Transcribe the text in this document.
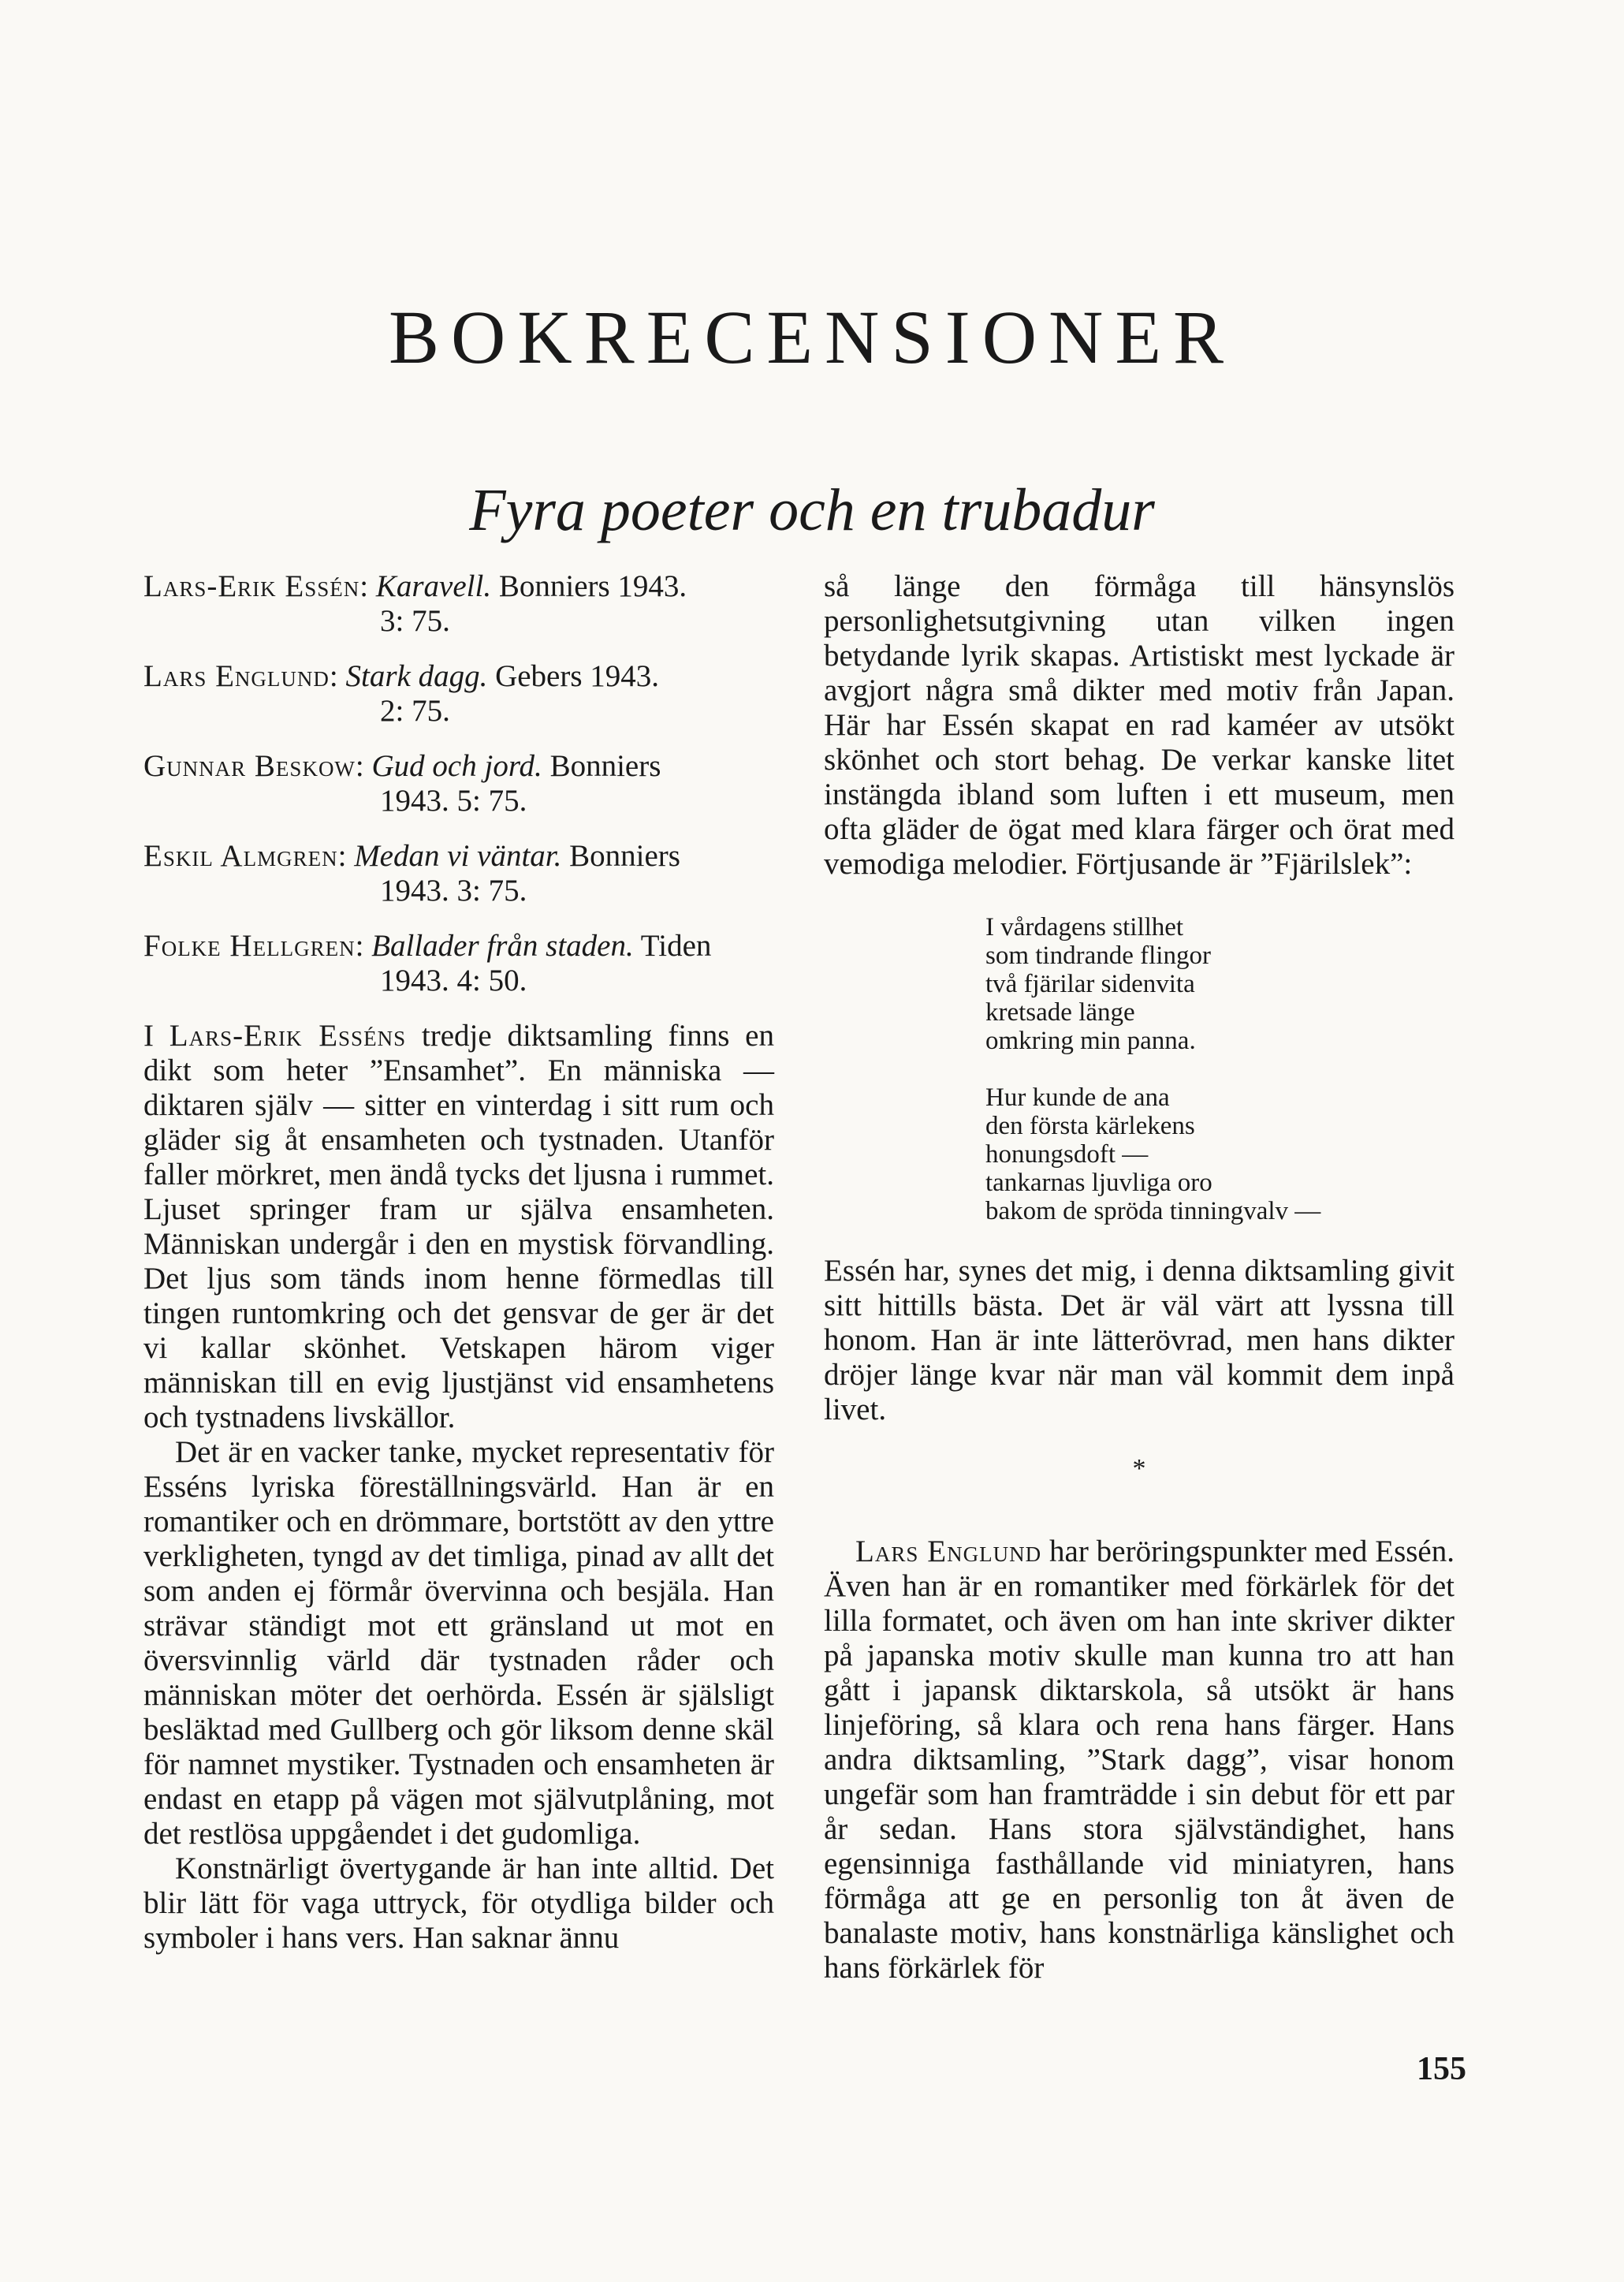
BOKRECENSIONER
Fyra poeter och en trubadur
Lars-Erik Essén: Karavell. Bonniers 1943.
3: 75.
Lars Englund: Stark dagg. Gebers 1943.
2: 75.
Gunnar Beskow: Gud och jord. Bonniers
1943. 5: 75.
Eskil Almgren: Medan vi väntar. Bonniers
1943. 3: 75.
Folke Hellgren: Ballader från staden. Tiden
1943. 4: 50.

I Lars-Erik Esséns tredje diktsamling finns en dikt som heter ”Ensamhet”. En människa — diktaren själv — sitter en vinterdag i sitt rum och gläder sig åt ensamheten och tystnaden. Utanför faller mörkret, men ändå tycks det ljusna i rummet. Ljuset springer fram ur själva ensamheten. Människan undergår i den en mystisk förvandling. Det ljus som tänds inom henne förmedlas till tingen runtomkring och det gensvar de ger är det vi kallar skönhet. Vetskapen härom viger människan till en evig ljustjänst vid ensamhetens och tystnadens livskällor.

Det är en vacker tanke, mycket representativ för Esséns lyriska föreställningsvärld. Han är en romantiker och en drömmare, bortstött av den yttre verkligheten, tyngd av det timliga, pinad av allt det som anden ej förmår övervinna och besjäla. Han strävar ständigt mot ett gränsland ut mot en översvinnlig värld där tystnaden råder och människan möter det oerhörda. Essén är själsligt besläktad med Gullberg och gör liksom denne skäl för namnet mystiker. Tystnaden och ensamheten är endast en etapp på vägen mot självutplåning, mot det restlösa uppgåendet i det gudomliga.

Konstnärligt övertygande är han inte alltid. Det blir lätt för vaga uttryck, för otydliga bilder och symboler i hans vers. Han saknar ännu

så länge den förmåga till hänsynslös personlighetsutgivning utan vilken ingen betydande lyrik skapas. Artistiskt mest lyckade är avgjort några små dikter med motiv från Japan. Här har Essén skapat en rad kaméer av utsökt skönhet och stort behag. De verkar kanske litet instängda ibland som luften i ett museum, men ofta gläder de ögat med klara färger och örat med vemodiga melodier. Förtjusande är ”Fjärilslek”:

I vårdagens stillhet
som tindrande flingor
två fjärilar sidenvita
kretsade länge
omkring min panna.
Hur kunde de ana
den första kärlekens
honungsdoft —
tankarnas ljuvliga oro
bakom de spröda tinningvalv —

Essén har, synes det mig, i denna diktsamling givit sitt hittills bästa. Det är väl värt att lyssna till honom. Han är inte lätterövrad, men hans dikter dröjer länge kvar när man väl kommit dem inpå livet.

*

Lars Englund har beröringspunkter med Essén. Även han är en romantiker med förkärlek för det lilla formatet, och även om han inte skriver dikter på japanska motiv skulle man kunna tro att han gått i japansk diktarskola, så utsökt är hans linjeföring, så klara och rena hans färger. Hans andra diktsamling, ”Stark dagg”, visar honom ungefär som han framträdde i sin debut för ett par år sedan. Hans stora självständighet, hans egensinniga fasthållande vid miniatyren, hans förmåga att ge en personlig ton åt även de banalaste motiv, hans konstnärliga känslighet och hans förkärlek för

155
